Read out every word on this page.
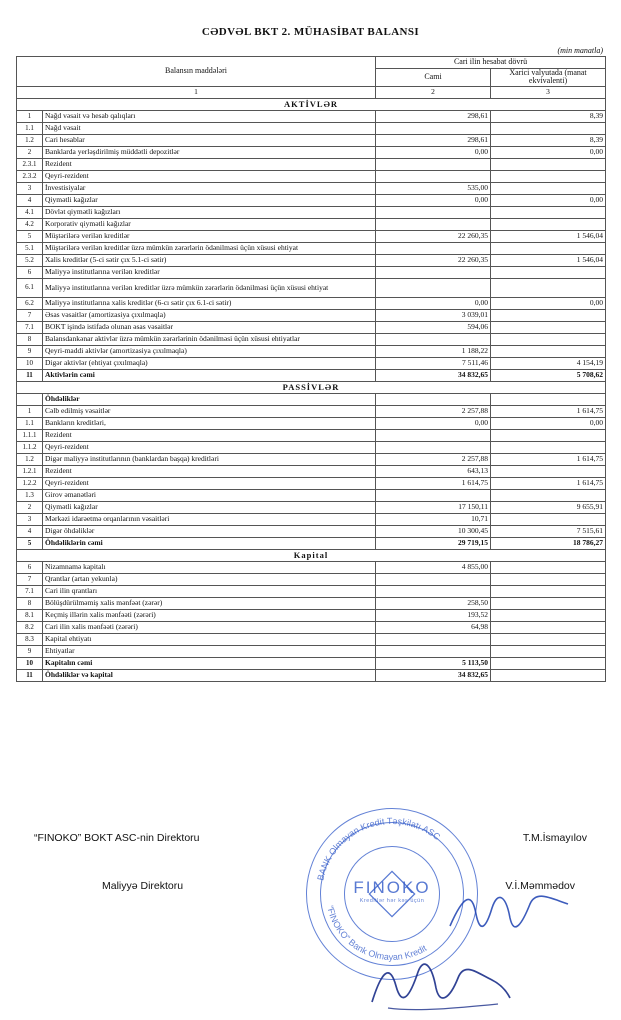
CƏDVƏL BKT 2. MÜHASİBAT BALANSI
(min manatla)
Balansın maddələri		Cari ilin hesabat dövrü	
		Cami	Xarici valyutada (manat ekvivalenti)
1		2	3
AKTİVLƏR			
1	Nağd vəsait və hesab qalıqları	298,61	8,39
1.1	Nağd vəsait		
1.2	Cari hesablar	298,61	8,39
2	Banklarda yerləşdirilmiş müddətli depozitlər	0,00	0,00
2.3.1	Rezident		
2.3.2	Qeyri-rezident		
3	İnvestisiyalar	535,00	
4	Qiymətli kağızlar	0,00	0,00
4.1	Dövlət qiymətli kağızları		
4.2	Korporativ qiymətli kağızlar		
5	Müştərilərə verilən kreditlər	22 260,35	1 546,04
5.1	Müştərilərə verilən kreditlər üzrə mümkün zərərlərin ödənilməsi üçün xüsusi ehtiyat		
5.2	Xalis kreditlər (5-ci sətir çıx 5.1-ci sətir)	22 260,35	1 546,04
6	Maliyyə institutlarına verilən kreditlər		
6.1	Maliyyə institutlarına verilən kreditlər üzrə mümkün zərərlərin ödənilməsi üçün xüsusi ehtiyat		
6.2	Maliyyə institutlarına xalis kreditlər (6-cı sətir çıx 6.1-ci sətir)	0,00	0,00
7	Əsas vəsaitlər (amortizasiya çıxılmaqla)	3 039,01	
7.1	BOKT işində istifadə olunan əsas vəsaitlər	594,06	
8	Balansdankənar aktivlər üzrə mümkün zərərlərinin ödənilməsi üçün xüsusi ehtiyatlar		
9	Qeyri-maddi aktivlər (amortizasiya çıxılmaqla)	1 188,22	
10	Digər aktivlər (ehtiyat çıxılmaqla)	7 511,46	4 154,19
11	Aktivlərin cəmi	34 832,65	5 708,62
PASSİVLƏR			
	Öhdəliklər		
1	Cəlb edilmiş vəsaitlər	2 257,88	1 614,75
1.1	Bankların kreditləri,	0,00	0,00
1.1.1	Rezident		
1.1.2	Qeyri-rezident		
1.2	Digər maliyyə institutlarının (banklardan başqa) kreditləri	2 257,88	1 614,75
1.2.1	Rezident	643,13	
1.2.2	Qeyri-rezident	1 614,75	1 614,75
1.3	Girov əmanətləri		
2	Qiymətli kağızlar	17 150,11	9 655,91
3	Mərkəzi idarəetmə orqanlarının vəsaitləri	10,71	
4	Digər öhdəliklər	10 300,45	7 515,61
5	Öhdəliklərin cəmi	29 719,15	18 786,27
Kapital			
6	Nizamnamə kapitalı	4 855,00	
7	Qrantlar (artan yekunla)		
7.1	Cari ilin qrantları		
8	Bölüşdürülməmiş xalis mənfəət (zərər)	258,50	
8.1	Keçmiş illərin xalis mənfəəti (zərəri)	193,52	
8.2	Cari ilin xalis mənfəəti (zərəri)	64,98	
8.3	Kapital ehtiyatı		
9	Ehtiyatlar		
10	Kapitalın cəmi	5 113,50	
11	Öhdəliklər və kapital	34 832,65	
BANK Olmayan Kredit Təşkilatı ASC
“FINOKO” Bank Olmayan Kredit
FINOKO
Kreditlər hər kəs üçün
“FINOKO” BOKT ASC-nin Direktoru	T.M.İsmayılov
Maliyyə Direktoru	V.İ.Məmmədov
